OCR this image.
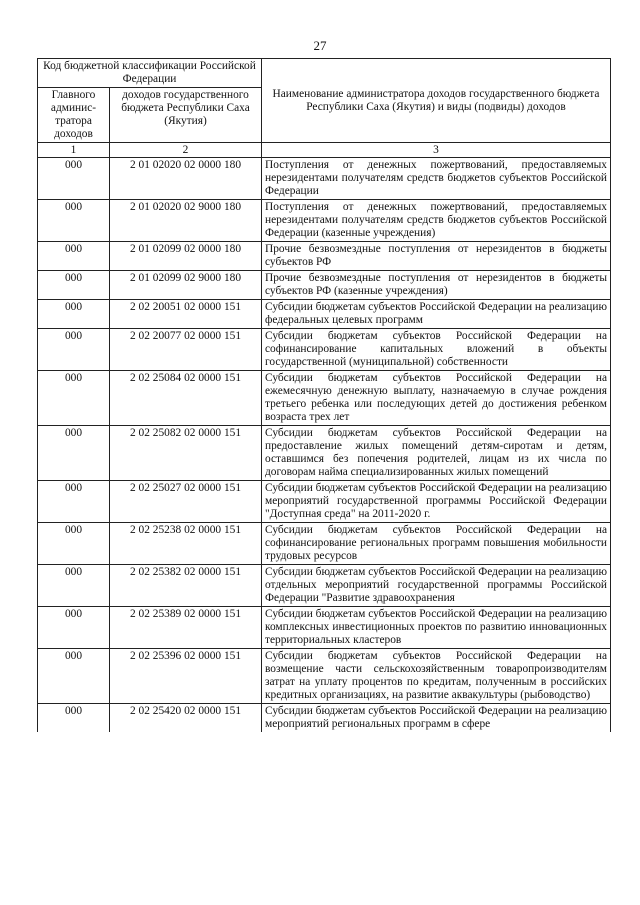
27
Код бюджетной классификации Российской Федерации		Наименование администратора доходов государственного бюджета Республики Саха (Якутия) и виды (подвиды) доходов
Главного админис-тратора доходов	доходов государственного бюджета Республики Саха (Якутия)	
1	2	3
000	2 01 02020 02 0000 180	Поступления от денежных пожертвований, предоставляемых нерезидентами получателям средств бюджетов субъектов Российской Федерации
000	2 01 02020 02 9000 180	Поступления от денежных пожертвований, предоставляемых нерезидентами получателям средств бюджетов субъектов Российской Федерации (казенные учреждения)
000	2 01 02099 02 0000 180	Прочие безвозмездные поступления от нерезидентов в бюджеты субъектов РФ
000	2 01 02099 02 9000 180	Прочие безвозмездные поступления от нерезидентов в бюджеты субъектов РФ (казенные учреждения)
000	2 02 20051 02 0000 151	Субсидии бюджетам субъектов Российской Федерации на реализацию федеральных целевых программ
000	2 02 20077 02 0000 151	Субсидии бюджетам субъектов Российской Федерации на софинансирование капитальных вложений в объекты государственной (муниципальной) собственности
000	2 02 25084 02 0000 151	Субсидии бюджетам субъектов Российской Федерации на ежемесячную денежную выплату, назначаемую в случае рождения третьего ребенка или последующих детей до достижения ребенком возраста трех лет
000	2 02 25082 02 0000 151	Субсидии бюджетам субъектов Российской Федерации на предоставление жилых помещений детям-сиротам и детям, оставшимся без попечения родителей, лицам из их числа по договорам найма специализированных жилых помещений
000	2 02 25027 02 0000 151	Субсидии бюджетам субъектов Российской Федерации на реализацию мероприятий государственной программы Российской Федерации "Доступная среда" на 2011-2020 г.
000	2 02 25238 02 0000 151	Субсидии бюджетам субъектов Российской Федерации на софинансирование региональных программ повышения мобильности трудовых ресурсов
000	2 02 25382 02 0000 151	Субсидии бюджетам субъектов Российской Федерации на реализацию отдельных мероприятий государственной программы Российской Федерации "Развитие здравоохранения
000	2 02 25389 02 0000 151	Субсидии бюджетам субъектов Российской Федерации на реализацию комплексных инвестиционных проектов по развитию инновационных территориальных кластеров
000	2 02 25396 02 0000 151	Субсидии бюджетам субъектов Российской Федерации на возмещение части сельскохозяйственным товаропроизводителям затрат на уплату процентов по кредитам, полученным в российских кредитных организациях, на развитие аквакультуры (рыбоводство)
000	2 02 25420 02 0000 151	Субсидии бюджетам субъектов Российской Федерации на реализацию мероприятий региональных программ в сфере
